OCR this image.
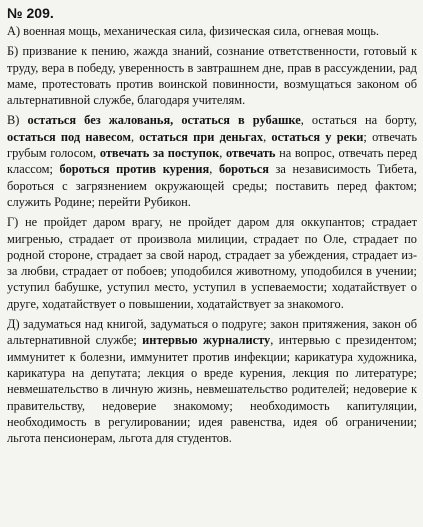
№ 209.

А) военная мощь, механическая сила, физическая сила, огневая мощь.

Б) призвание к пению, жажда знаний, сознание ответственности, готовый к труду, вера в победу, уверенность в завтрашнем дне, прав в рассуждении, рад маме, протестовать против воинской повинности, возмущаться законом об альтернативной службе, благодаря учителям.

В) остаться без жалованья, остаться в рубашке, остаться на борту, остаться под навесом, остаться при деньгах, остаться у реки; отвечать грубым голосом, отвечать за поступок, отвечать на вопрос, отвечать перед классом; бороться против курения, бороться за независимость Тибета, бороться с загрязнением окружающей среды; поставить перед фактом; служить Родине; перейти Рубикон.

Г) не пройдет даром врагу, не пройдет даром для оккупантов; страдает мигренью, страдает от произвола милиции, страдает по Оле, страдает по родной стороне, страдает за свой народ, страдает за убеждения, страдает из-за любви, страдает от побоев; уподобился животному, уподобился в учении; уступил бабушке, уступил место, уступил в успеваемости; ходатайствует о друге, ходатайствует о повышении, ходатайствует за знакомого.

Д) задуматься над книгой, задуматься о подруге; закон притяжения, закон об альтернативной службе; интервью журналисту, интервью с президентом; иммунитет к болезни, иммунитет против инфекции; карикатура художника, карикатура на депутата; лекция о вреде курения, лекция по литературе; невмешательство в личную жизнь, невмешательство родителей; недоверие к правительству, недоверие знакомому; необходимость капитуляции, необходимость в регулировании; идея равенства, идея об ограничении; льгота пенсионерам, льгота для студентов.
